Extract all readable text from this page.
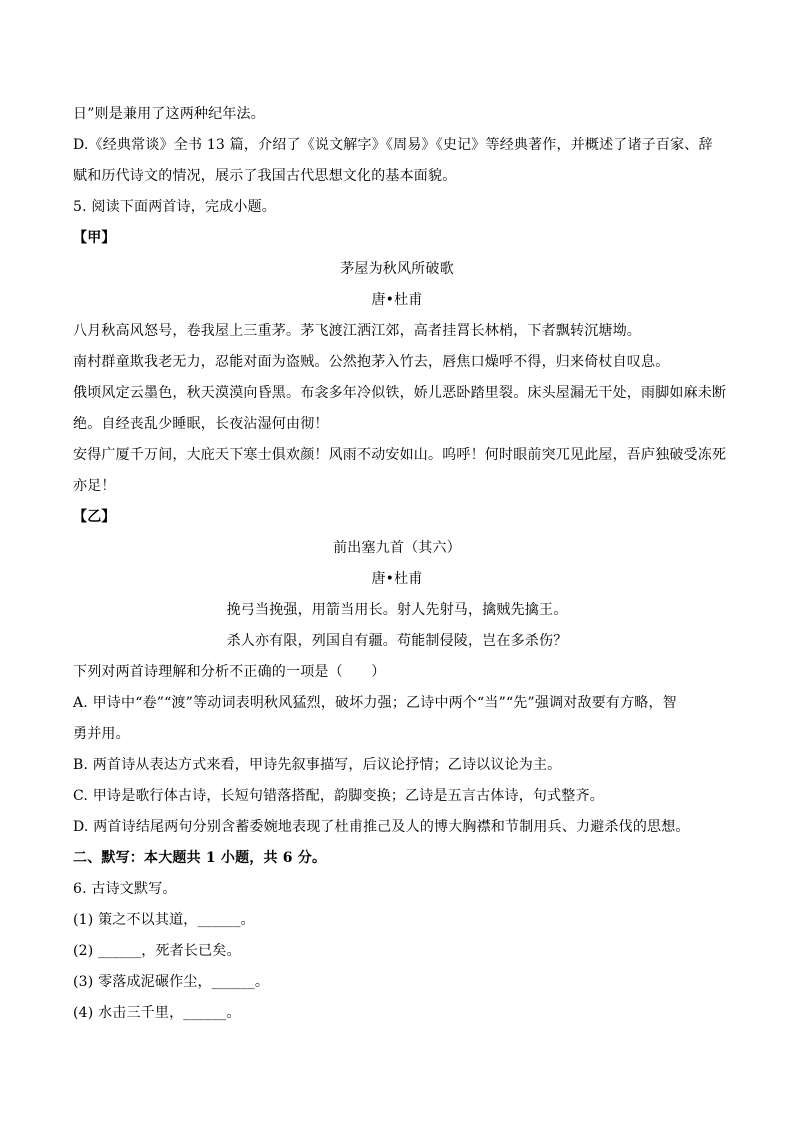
日”则是兼用了这两种纪年法。
D.《经典常谈》全书 13 篇，介绍了《说文解字》《周易》《史记》等经典著作，并概述了诸子百家、辞
赋和历代诗文的情况，展示了我国古代思想文化的基本面貌。
5. 阅读下面两首诗，完成小题。
【甲】
茅屋为秋风所破歌
唐•杜甫
八月秋高风怒号，卷我屋上三重茅。茅飞渡江洒江郊，高者挂罥长林梢，下者飘转沉塘坳。
南村群童欺我老无力，忍能对面为盗贼。公然抱茅入竹去，唇焦口燥呼不得，归来倚杖自叹息。
俄顷风定云墨色，秋天漠漠向昏黑。布衾多年冷似铁，娇儿恶卧踏里裂。床头屋漏无干处，雨脚如麻未断
绝。自经丧乱少睡眠，长夜沾湿何由彻！
安得广厦千万间，大庇天下寒士俱欢颜！风雨不动安如山。呜呼！何时眼前突兀见此屋，吾庐独破受冻死
亦足！
【乙】
前出塞九首（其六）
唐•杜甫
挽弓当挽强，用箭当用长。射人先射马，擒贼先擒王。
杀人亦有限，列国自有疆。苟能制侵陵，岂在多杀伤？
下列对两首诗理解和分析不正确的一项是（　　）
A. 甲诗中“卷”“渡”等动词表明秋风猛烈，破坏力强；乙诗中两个“当”“先”强调对敌要有方略，智
勇并用。
B. 两首诗从表达方式来看，甲诗先叙事描写，后议论抒情；乙诗以议论为主。
C. 甲诗是歌行体古诗，长短句错落搭配，韵脚变换；乙诗是五言古体诗，句式整齐。
D. 两首诗结尾两句分别含蓄委婉地表现了杜甫推己及人的博大胸襟和节制用兵、力避杀伐的思想。
二、默写：本大题共 1 小题，共 6 分。
6. 古诗文默写。
(1) 策之不以其道，______。
(2) ______，死者长已矣。
(3) 零落成泥碾作尘，______。
(4) 水击三千里，______。
